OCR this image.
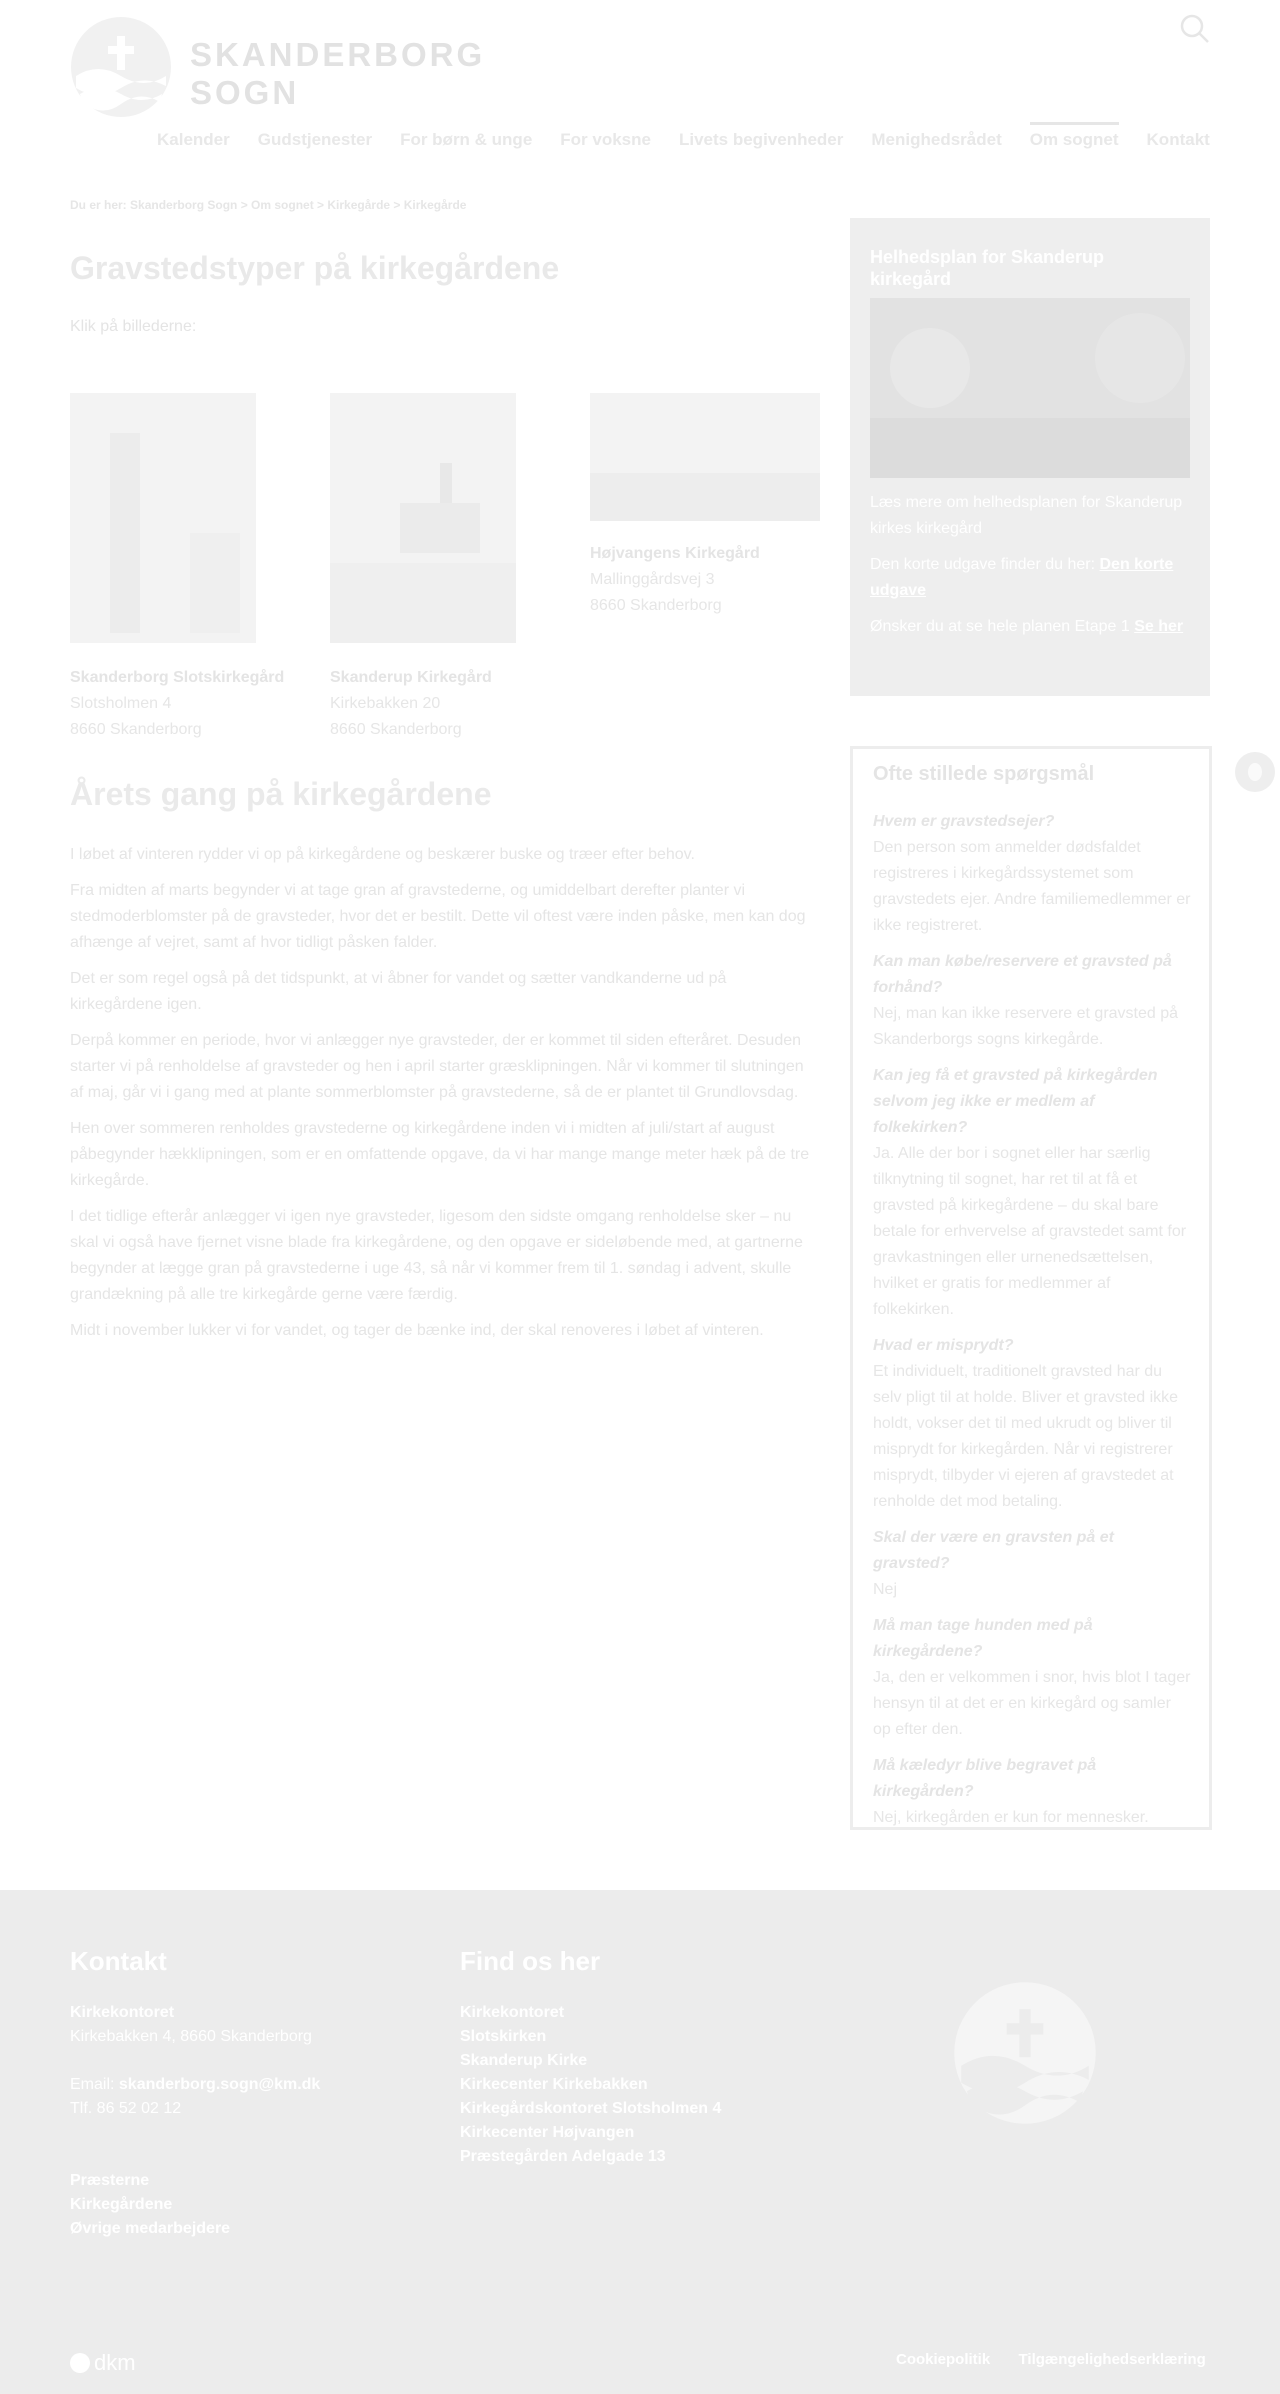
SKANDERBORG
SOGN
Kalender Gudstjenester For børn & unge For voksne Livets begivenheder Menighedsrådet Om sognet Kontakt
Du er her: Skanderborg Sogn > Om sognet > Kirkegårde > Kirkegårde
Gravstedstyper på kirkegårdene
Klik på billederne:
Skanderborg Slotskirkegård
Slotsholmen 4
8660 Skanderborg
Skanderup Kirkegård
Kirkebakken 20
8660 Skanderborg
Højvangens Kirkegård
Mallinggårdsvej 3
8660 Skanderborg
Årets gang på kirkegårdene

I løbet af vinteren rydder vi op på kirkegårdene og beskærer buske og træer efter behov.

Fra midten af marts begynder vi at tage gran af gravstederne, og umiddelbart derefter planter vi stedmoderblomster på de gravsteder, hvor det er bestilt. Dette vil oftest være inden påske, men kan dog afhænge af vejret, samt af hvor tidligt påsken falder.

Det er som regel også på det tidspunkt, at vi åbner for vandet og sætter vandkanderne ud på kirkegårdene igen.

Derpå kommer en periode, hvor vi anlægger nye gravsteder, der er kommet til siden efteråret. Desuden starter vi på renholdelse af gravsteder og hen i april starter græsklipningen. Når vi kommer til slutningen af maj, går vi i gang med at plante sommerblomster på gravstederne, så de er plantet til Grundlovsdag.

Hen over sommeren renholdes gravstederne og kirkegårdene inden vi i midten af juli/start af august påbegynder hækklipningen, som er en omfattende opgave, da vi har mange mange meter hæk på de tre kirkegårde.

I det tidlige efterår anlægger vi igen nye gravsteder, ligesom den sidste omgang renholdelse sker – nu skal vi også have fjernet visne blade fra kirkegårdene, og den opgave er sideløbende med, at gartnerne begynder at lægge gran på gravstederne i uge 43, så når vi kommer frem til 1. søndag i advent, skulle grandækning på alle tre kirkegårde gerne være færdig.

Midt i november lukker vi for vandet, og tager de bænke ind, der skal renoveres i løbet af vinteren.

Helhedsplan for Skanderup kirkegård

Læs mere om helhedsplanen for Skanderup kirkes kirkegård

Den korte udgave finder du her: Den korte udgave

Ønsker du at se hele planen Etape 1 Se her

Ofte stillede spørgsmål
Hvem er gravstedsejer?

Den person som anmelder dødsfaldet registreres i kirkegårdssystemet som gravstedets ejer. Andre familiemedlemmer er ikke registreret.

Kan man købe/reservere et gravsted på forhånd?

Nej, man kan ikke reservere et gravsted på Skanderborgs sogns kirkegårde.

Kan jeg få et gravsted på kirkegården selvom jeg ikke er medlem af folkekirken?

Ja. Alle der bor i sognet eller har særlig tilknytning til sognet, har ret til at få et gravsted på kirkegårdene – du skal bare betale for erhvervelse af gravstedet samt for gravkastningen eller urnenedsættelsen, hvilket er gratis for medlemmer af folkekirken.

Hvad er misprydt?

Et individuelt, traditionelt gravsted har du selv pligt til at holde. Bliver et gravsted ikke holdt, vokser det til med ukrudt og bliver til misprydt for kirkegården. Når vi registrerer misprydt, tilbyder vi ejeren af gravstedet at renholde det mod betaling.

Skal der være en gravsten på et gravsted?

Nej

Må man tage hunden med på kirkegårdene?

Ja, den er velkommen i snor, hvis blot I tager hensyn til at det er en kirkegård og samler op efter den.

Må kæledyr blive begravet på kirkegården?

Nej, kirkegården er kun for mennesker.

Kontakt
Kirkekontoret
Kirkebakken 4, 8660 Skanderborg
Email: skanderborg.sogn@km.dk
Tlf. 86 52 02 12
Præsterne
Kirkegårdene
Øvrige medarbejdere
Find os her
Kirkekontoret
Slotskirken
Skanderup Kirke
Kirkecenter Kirkebakken
Kirkegårdskontoret Slotsholmen 4
Kirkecenter Højvangen
Præstegården Adelgade 13
dkm	Cookiepolitik Tilgængelighedserklæring
